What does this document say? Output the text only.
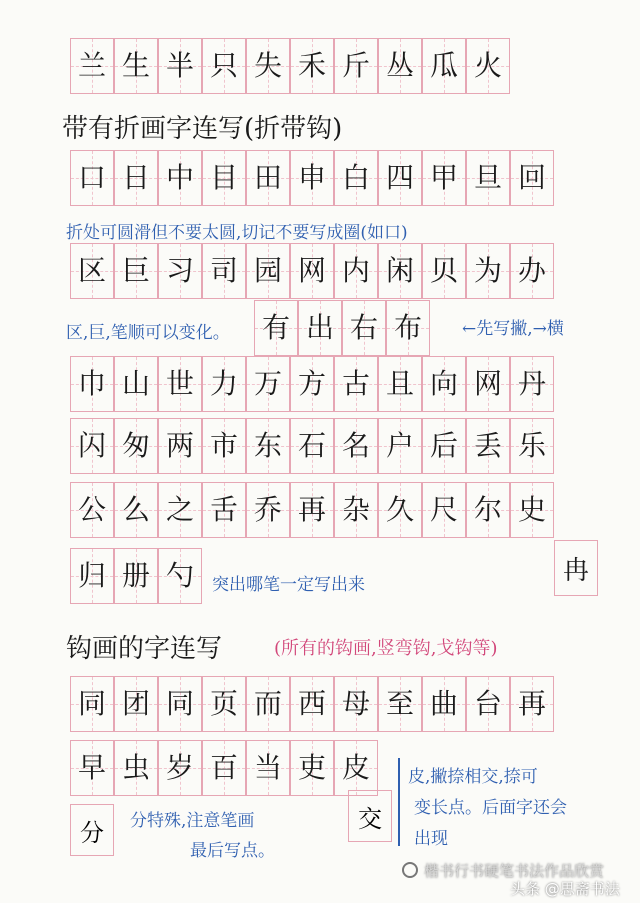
兰 生 半 只 失 禾 斤 丛 瓜 火
带有折画字连写(折带钩)
口 日 中 目 田 申 白 四 甲 旦 回
折处可圆滑但不要太圆,切记不要写成圈(如口)
区 巨 习 司 园 网 内 闲 贝 为 办
区,巨,笔顺可以变化。 有 出 右 布 ←先写撇,→横
巾 山 世 力 万 方 古 且 向 网 丹
闪 匆 两 市 东 石 名 户 后 丢 乐
公 么 之 舌 乔 再 杂 久 尺 尔 史
冉
归 册 勺 突出哪笔一定写出来
钩画的字连写	(所有的钩画,竖弯钩,戈钩等)
同 团 同 页 而 西 母 至 曲 台 再
早 虫 岁 百 当 吏 皮
交
皮,撇捺相交,捺可
变长点。后面字还会
出现
分 分特殊,注意笔画
最后写点。
楷书行书硬笔书法作品欣赏
头条 @思斋书法
